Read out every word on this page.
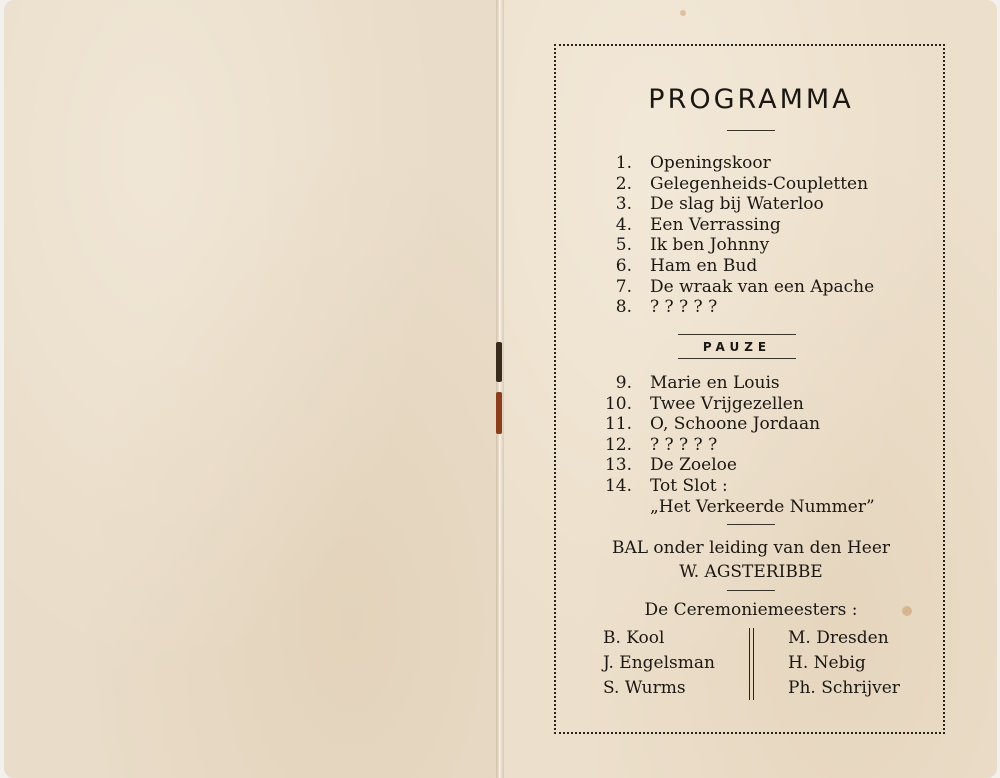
PROGRAMMA
1. Openingskoor
2. Gelegenheids-Coupletten
3. De slag bij Waterloo
4. Een Verrassing
5. Ik ben Johnny
6. Ham en Bud
7. De wraak van een Apache
8. ? ? ? ? ?
PAUZE
9. Marie en Louis
10. Twee Vrijgezellen
11. O, Schoone Jordaan
12. ? ? ? ? ?
13. De Zoeloe
14. Tot Slot :
„Het Verkeerde Nummer”
BAL onder leiding van den Heer
W. AGSTERIBBE
De Ceremoniemeesters :
B. Kool
J. Engelsman
S. Wurms
M. Dresden
H. Nebig
Ph. Schrijver
